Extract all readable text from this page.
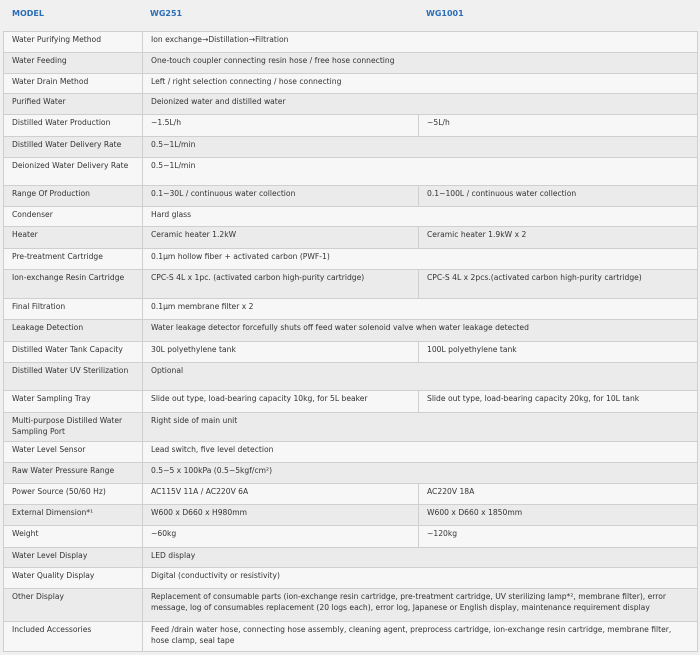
MODEL	WG251	WG1001
Water Purifying Method	Ion exchange→Distillation→Filtration	
Water Feeding	One-touch coupler connecting resin hose / free hose connecting	
Water Drain Method	Left / right selection connecting / hose connecting	
Purified Water	Deionized water and distilled water	
Distilled Water Production	~1.5L/h	~5L/h
Distilled Water Delivery Rate	0.5~1L/min	
Deionized Water Delivery Rate	0.5~1L/min	
Range Of Production	0.1~30L / continuous water collection	0.1~100L / continuous water collection
Condenser	Hard glass	
Heater	Ceramic heater 1.2kW	Ceramic heater 1.9kW x 2
Pre-treatment Cartridge	0.1µm hollow fiber + activated carbon (PWF-1)	
Ion-exchange Resin Cartridge	CPC-S 4L x 1pc. (activated carbon high-purity cartridge)	CPC-S 4L x 2pcs.(activated carbon high-purity cartridge)
Final Filtration	0.1µm membrane filter x 2	
Leakage Detection	Water leakage detector forcefully shuts off feed water solenoid valve when water leakage detected	
Distilled Water Tank Capacity	30L polyethylene tank	100L polyethylene tank
Distilled Water UV Sterilization	Optional	
Water Sampling Tray	Slide out type, load-bearing capacity 10kg, for 5L beaker	Slide out type, load-bearing capacity 20kg, for 10L tank
Multi-purpose Distilled Water Sampling Port	Right side of main unit	
Water Level Sensor	Lead switch, five level detection	
Raw Water Pressure Range	0.5~5 x 100kPa (0.5~5kgf/cm²)	
Power Source (50/60 Hz)	AC115V 11A / AC220V 6A	AC220V 18A
External Dimension*¹	W600 x D660 x H980mm	W600 x D660 x 1850mm
Weight	~60kg	~120kg
Water Level Display	LED display	
Water Quality Display	Digital (conductivity or resistivity)	
Other Display	Replacement of consumable parts (ion-exchange resin cartridge, pre-treatment cartridge, UV sterilizing lamp*², membrane filter), error message, log of consumables replacement (20 logs each), error log, Japanese or English display, maintenance requirement display	
Included Accessories	Feed /drain water hose, connecting hose assembly, cleaning agent, preprocess cartridge, ion-exchange resin cartridge, membrane filter, hose clamp, seal tape	
